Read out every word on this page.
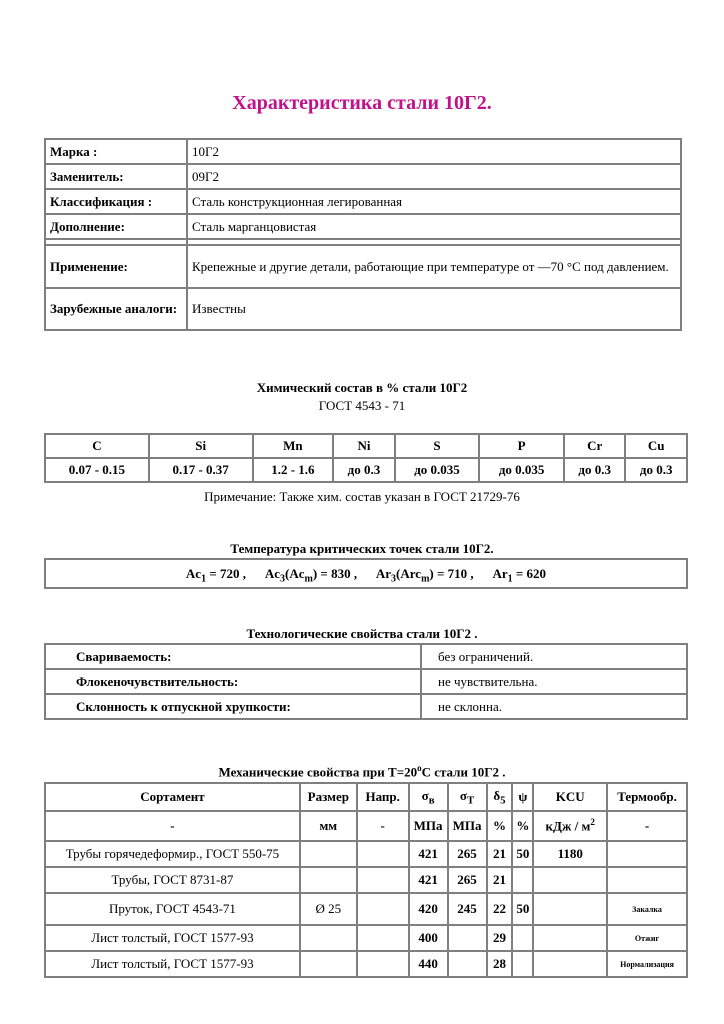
Характеристика стали 10Г2.
Марка :	10Г2
Заменитель:	09Г2
Классификация :	Сталь конструкционная легированная
Дополнение:	Сталь марганцовистая

Применение:	Крепежные и другие детали, работающие при температуре от —70 °С под давлением.
Зарубежные аналоги:	Известны
Химический состав в % стали 10Г2
ГОСТ 4543 - 71
C	Si	Mn	Ni	S	P	Cr	Cu
0.07 - 0.15	0.17 - 0.37	1.2 - 1.6	до 0.3	до 0.035	до 0.035	до 0.3	до 0.3
Примечание: Также хим. состав указан в ГОСТ 21729-76
Температура критических точек стали 10Г2.
$Ac_1 = 720$ , $Ac_3(Ac_m) = 830$ , $Ar_3(Arc_m) = 710$ , $Ar_1 = 620$
Технологические свойства стали 10Г2 .
Свариваемость:	без ограничений.
Флокеночувствительность:	не чувствительна.
Склонность к отпускной хрупкости:	не склонна.
Механические свойства при $Т=20^oС$ стали 10Г2 .
Сортамент	Размер	Напр.	$\sigma_в$	$\sigma_T$	$\delta_5$	ψ	KCU	Термообр.
-	мм	-	МПа	МПа	%	%	кДж / $м^2$	-
Трубы горячедеформир., ГОСТ 550-75			421	265	21	50	1180	
Трубы, ГОСТ 8731-87			421	265	21			
Пруток, ГОСТ 4543-71	Ø 25		420	245	22	50		Закалка
Лист толстый, ГОСТ 1577-93			400		29			Отжиг
Лист толстый, ГОСТ 1577-93			440		28			Нормализация
